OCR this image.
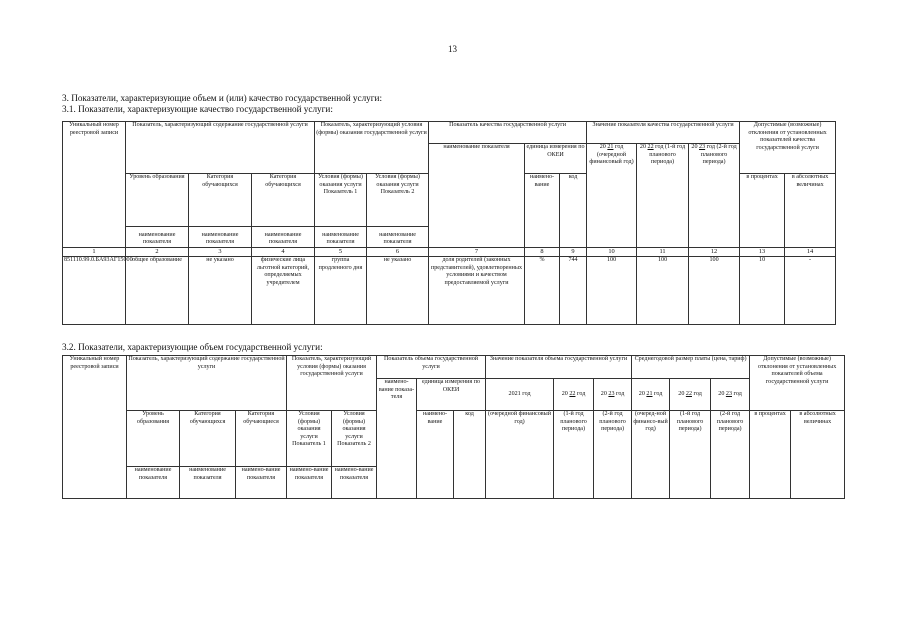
13
3. Показатели, характеризующие объем и (или) качество государственной услуги:
3.1. Показатели, характеризующие качество государственной услуги:
Уникальный номер реестровой записи	Показатель, характеризующий содержание государственной услуги			Показатель, характеризующий условия (формы) оказания государственной услуги		Показатель качества государственной услуги			Значение показателя качества государственной услуги			Допустимые (возможные) отклонения от установленных показателей качества государственной услуги	
						наименование показателя	единица измерения по ОКЕИ		20 21 год (очередной финансовый год)	20 22 год (1-й год планового периода)	20 23 год (2-й год планового периода)		
	Уровень образования	Категория обучающихся	Категория обучающихся	Условия (формы) оказания услуги Показатель 1	Условия (формы) оказания услуги Показатель 2		наимено-вание	код				в процентах	в абсолютных величинах
	наименование показателя	наименование показателя	наименование показателя	наименование показателя	наименование показателя								
1	2	3	4	5	6	7	8	9	10	11	12	13	14
851110.99.0.БА93АГ15000	общее образование	не указано	физические лица льготной категорий, определяемых учредителем	группа продленного дня	не указано	доля родителей (законных представителей), удовлетворенных условиями и качеством предоставляемой услуги	%	744	100	100	100	10	-
3.2. Показатели, характеризующие объем государственной услуги:
Уникальный номер реестровой записи	Показатель, характеризующий содержание государственной услуги			Показатель, характеризующий условия (формы) оказания государственной услуги		Показатель объема государственной услуги			Значение показателя объема государственной услуги			Среднегодовой размер платы (цена, тариф)			Допустимые (возможные) отклонения от установленных показателей объема государственной услуги	
						наимено-вание показа-теля	единица измерения по ОКЕИ		2021 год	20 22 год	20 23 год	20 21 год	20 22 год	20 23 год		
	Уровень образования	Категория обучающихся	Категория обучающиеся	Условия (формы) оказания услуги Показатель 1	Условия (формы) оказания услуги Показатель 2		наимено-вание	код	(очередной финансовый год)	(1-й год планового периода)	(2-й год планового периода)	(очеред-ной финансо-вый год)	(1-й год планового периода)	(2-й год планового периода)	в процентах	в абсолютных величинах
	наименование показателя	наименование показателя	наимено-вание показателя	наимено-вание показателя	наимено-вание показателя											
